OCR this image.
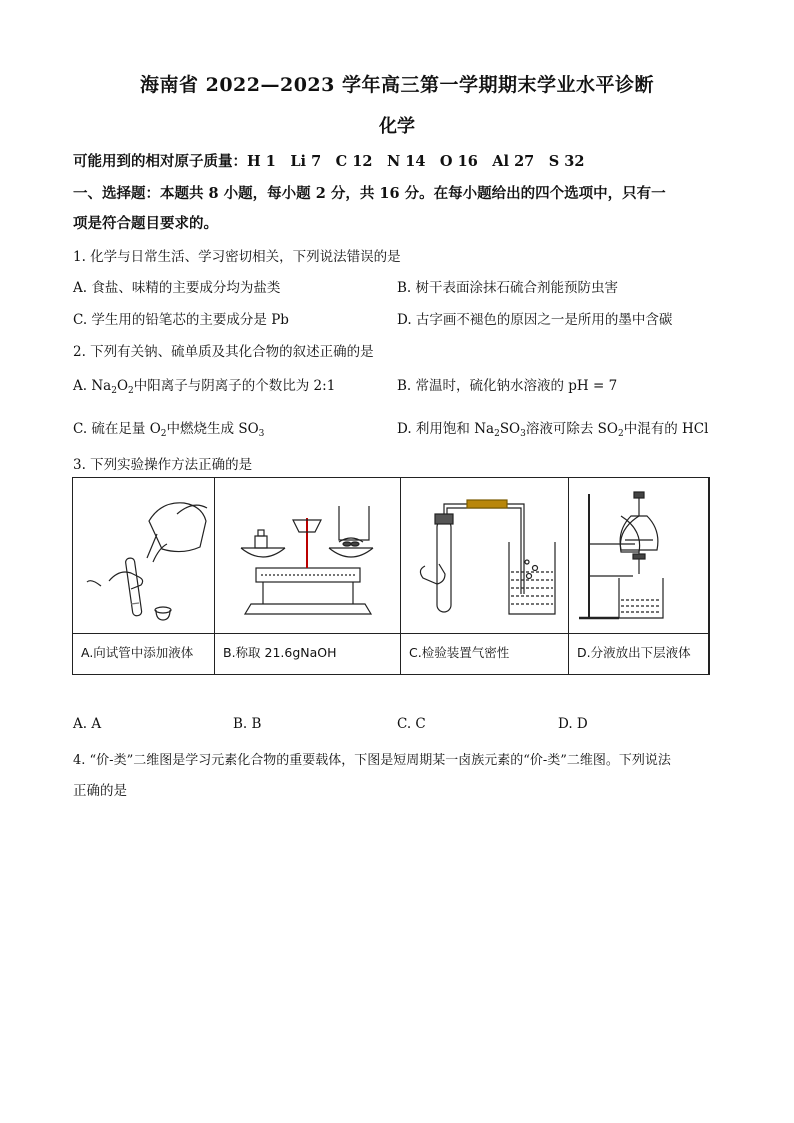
海南省 2022—2023 学年高三第一学期期末学业水平诊断
化学
可能用到的相对原子质量：H 1　Li 7　C 12　N 14　O 16　Al 27　S 32
一、选择题：本题共 8 小题，每小题 2 分，共 16 分。在每小题给出的四个选项中，只有一
项是符合题目要求的。
1. 化学与日常生活、学习密切相关，下列说法错误的是
A. 食盐、味精的主要成分均为盐类	B. 树干表面涂抹石硫合剂能预防虫害
C. 学生用的铅笔芯的主要成分是 Pb	D. 古字画不褪色的原因之一是所用的墨中含碳
2. 下列有关钠、硫单质及其化合物的叙述正确的是
A. $Na_2O_2$中阳离子与阴离子的个数比为 2:1	B. 常温时，硫化钠水溶液的 pH = 7
C. 硫在足量 $O_2$中燃烧生成 $SO_3$	D. 利用饱和 $Na_2SO_3$溶液可除去 $SO_2$中混有的 HCl
3. 下列实验操作方法正确的是
A.向试管中添加液体 B.称取 21.6gNaOH	C.检验装置气密性	D.分液放出下层液体
A. A	B. B	C. C	D. D
4. “价-类”二维图是学习元素化合物的重要载体，下图是短周期某一卤族元素的“价-类”二维图。下列说法
正确的是
